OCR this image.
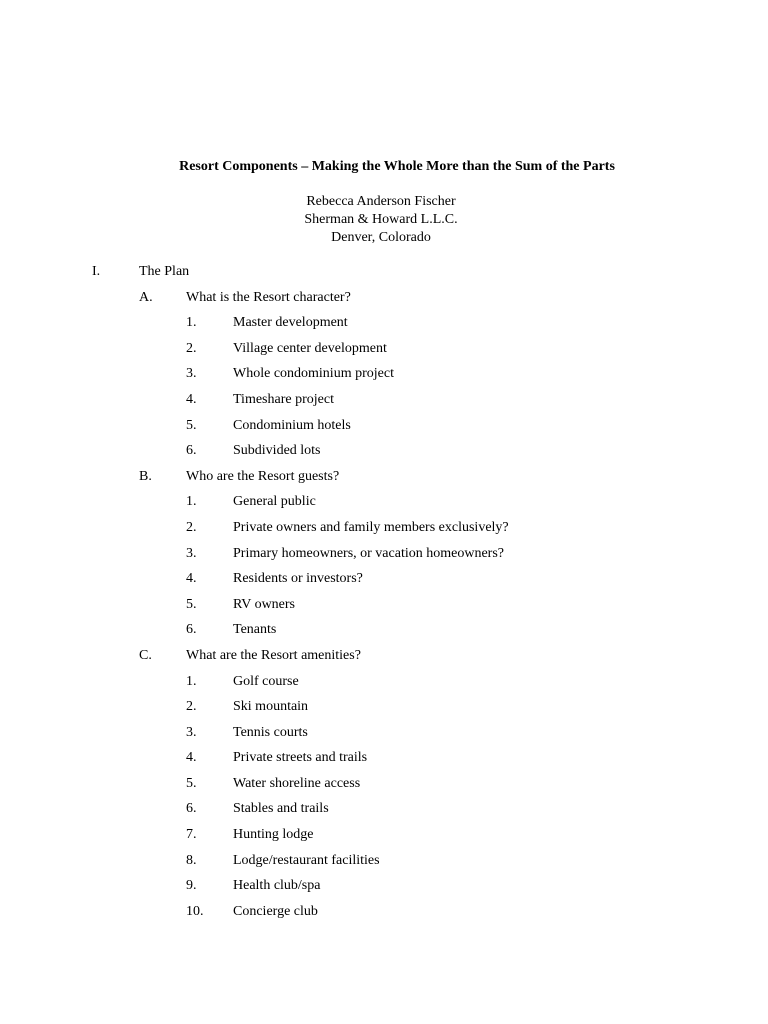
Resort Components – Making the Whole More than the Sum of the Parts
Rebecca Anderson Fischer
Sherman & Howard L.L.C.
Denver, Colorado
I.	The Plan
A. What is the Resort character?
1.	Master development
2.	Village center development
3.	Whole condominium project
4.	Timeshare project
5.	Condominium hotels
6.	Subdivided lots
B. Who are the Resort guests?
1.	General public
2.	Private owners and family members exclusively?
3.	Primary homeowners, or vacation homeowners?
4.	Residents or investors?
5.	RV owners
6.	Tenants
C. What are the Resort amenities?
1.	Golf course
2.	Ski mountain
3.	Tennis courts
4.	Private streets and trails
5.	Water shoreline access
6.	Stables and trails
7.	Hunting lodge
8.	Lodge/restaurant facilities
9.	Health club/spa
10. Concierge club
